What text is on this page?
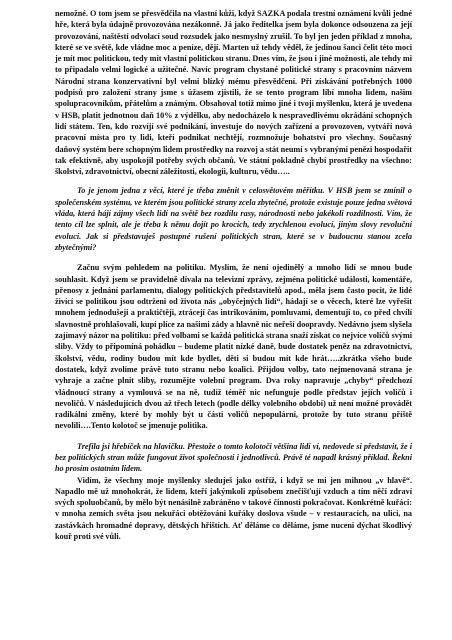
nemožné. O tom jsem se přesvědčila na vlastní kůži, když SAZKA podala trestní oznámení kvůli jedné hře, která byla údajně provozována nezákonně. Já jako ředitelka jsem byla dokonce odsouzena za její provozování, naštěstí odvolací soud rozsudek jako nesmyslný zrušil. To byl jen jeden příklad z mnoha, které se ve světě, kde vládne moc a peníze, dějí. Marten už tehdy věděl, že jedinou šanci čelit této moci je mít moc politickou, tedy mít vlastní politickou stranu. Dnes vím, že jsou i jiné možnosti, ale tehdy mi to připadalo velmi logické a užitečné. Navíc program chystané politické strany s pracovním názvem Národní strana konzervativní byl velmi blízký mému přesvědčení. Při získávání potřebných 1000 podpisů pro založení strany jsme s úžasem zjistili, že se tento program líbí mnoha lidem, našim spolupracovníkům, přátelům a známým. Obsahoval totiž mimo jiné i tvoji myšlenku, která je uvedena v HSB, platit jednotnou daň 10% z výdělku, aby nedocházelo k nespravedlivému okrádání schopných lidí státem. Ten, kdo rozvíjí své podnikání, investuje do nových zařízení a provozoven, vytváří nová pracovní místa pro ty lidi, kteří podnikat nechtějí, rozmnožuje bohatství pro všechny. Současný daňový systém bere schopným lidem prostředky na rozvoj a stát neumí s vybranými penězi hospodařit tak efektivně, aby uspokojil potřeby svých občanů. Ve státní pokladně chybí prostředky na všechno: školství, zdravotnictví, obecní záležitosti, ekologii, kulturu, vědu…..

To je jenom jedna z věcí, které je třeba změnit v celosvětovém měřítku. V HSB jsem se zmínil o společenském systému, ve kterém jsou politické strany zcela zbytečné, protože existuje pouze jedna světová vláda, která hájí zájmy všech lidí na světě bez rozdílu rasy, národnosti nebo jakékoli rozdílnosti. Vím, že tento cíl lze splnit, ale je třeba k němu dojít po krocích, tedy zrychlenou evolucí, jiným slovy revoluční evolucí. Jak si představuješ postupné rušení politických stran, které se v budoucnu stanou zcela zbytečnými?

Začnu svým pohledem na politiku. Myslím, že není ojedinělý a mnoho lidí se mnou bude souhlasit. Když jsem se pravidelně dívala na televizní zprávy, zejména politické události, komentáře, přenosy z jednání parlamentu, dialogy politických představitelů apod., měla jsem často pocit, že lidé živící se politikou jsou odtrženi od života nás „obyčejných lidí“, hádají se o věcech, které lze vyřešit mnohem jednodušeji a praktičtěji, ztrácejí čas intrikováním, pomluvami, dementují to, co před chvílí slavnostně prohlašovali, kupí plíce za našimi zády a hlavně nic neřeší doopravdy. Nedávno jsem slyšela zajímavý názor na politiku: před volbami se každá politická strana snaží získat co nejvíce voličů svými sliby. Vždy to připomíná pohádku – budeme platit nízké daně, bude dostatek peněz na zdravotnictví, školství, vědu, rodiny budou mít kde bydlet, děti si budou mít kde hrát…..zkrátka všeho bude dostatek, když zvolíme právě tuto stranu nebo koalici. Přijdou volby, tato nejmenovaná strana je vyhraje a začne plnit sliby, rozumějte volební program. Dva roky napravuje „chyby“ předchozí vládnoucí strany a vymlouvá se na ně, tudíž téměř nic nefunguje podle představ jejích voličů i nevoličů. V následujících dvou až třech letech (podle délky volebního období) už není možné provádět radikální změny, které by mohly být u části voličů nepopulární, protože by tuto stranu příště nevolili….Tento kolotoč se jmenuje politika.

Trefila jsi hřebíček na hlavičku. Přestože o tomto kolotoči většina lidí ví, nedovede si představit, že i bez politických stran může fungovat život společnosti i jednotlivců. Právě té napadl krásný příklad. Řekni ho prosím ostatním lidem.

Vidím, že všechny moje myšlenky sleduješ jako ostříž, i když se mi jen mihnou „v hlavě“. Napadlo mě už mnohokrát, že lidem, kteří jakýmkoli způsobem znečišťují vzduch a tím něčí zdraví svých spoluobčanů, by mělo být nenásilně zabráněno v takové činnosti pokračovat. Konkrétně kuřáci: v mnoha zemích světa jsou nekuřáci obtěžováni kuřáky doslova všude – v restauracích, na ulici, na zastávkách hromadné dopravy, dětských hřištích. Ať děláme co děláme, jsme nuceni dýchat škodlivý kouř proti své vůli.
